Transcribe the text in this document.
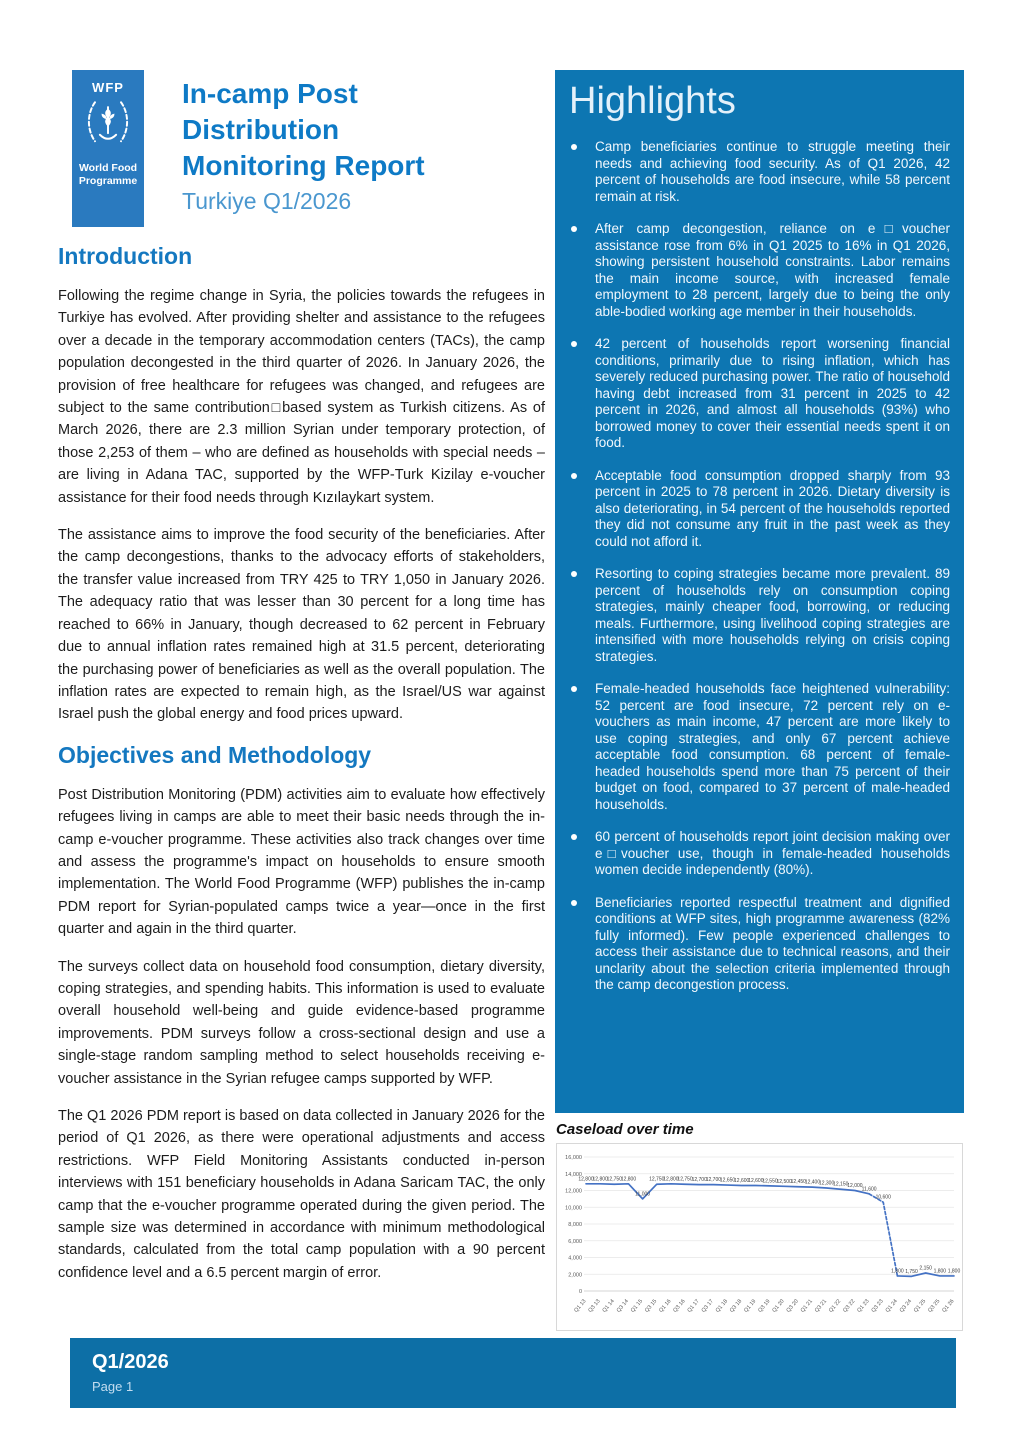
WFP
World Food Programme
In-camp Post
Distribution
Monitoring Report
Turkiye Q1/2026
Introduction

Following the regime change in Syria, the policies towards the refugees in Turkiye has evolved. After providing shelter and assistance to the refugees over a decade in the temporary accommodation centers (TACs), the camp population decongested in the third quarter of 2026. In January 2026, the provision of free healthcare for refugees was changed, and refugees are subject to the same contribution□based system as Turkish citizens. As of March 2026, there are 2.3 million Syrian under temporary protection, of those 2,253 of them – who are defined as households with special needs – are living in Adana TAC, supported by the WFP-Turk Kizilay e-voucher assistance for their food needs through Kızılaykart system.

The assistance aims to improve the food security of the beneficiaries. After the camp decongestions, thanks to the advocacy efforts of stakeholders, the transfer value increased from TRY 425 to TRY 1,050 in January 2026. The adequacy ratio that was lesser than 30 percent for a long time has reached to 66% in January, though decreased to 62 percent in February due to annual inflation rates remained high at 31.5 percent, deteriorating the purchasing power of beneficiaries as well as the overall population. The inflation rates are expected to remain high, as the Israel/US war against Israel push the global energy and food prices upward.

Objectives and Methodology

Post Distribution Monitoring (PDM) activities aim to evaluate how effectively refugees living in camps are able to meet their basic needs through the in-camp e-voucher programme. These activities also track changes over time and assess the programme's impact on households to ensure smooth implementation. The World Food Programme (WFP) publishes the in-camp PDM report for Syrian-populated camps twice a year—once in the first quarter and again in the third quarter.

The surveys collect data on household food consumption, dietary diversity, coping strategies, and spending habits. This information is used to evaluate overall household well-being and guide evidence-based programme improvements. PDM surveys follow a cross-sectional design and use a single-stage random sampling method to select households receiving e-voucher assistance in the Syrian refugee camps supported by WFP.

The Q1 2026 PDM report is based on data collected in January 2026 for the period of Q1 2026, as there were operational adjustments and access restrictions. WFP Field Monitoring Assistants conducted in-person interviews with 151 beneficiary households in Adana Saricam TAC, the only camp that the e-voucher programme operated during the given period. The sample size was determined in accordance with minimum methodological standards, calculated from the total camp population with a 90 percent confidence level and a 6.5 percent margin of error.

Highlights
Camp beneficiaries continue to struggle meeting their needs and achieving food security. As of Q1 2026, 42 percent of households are food insecure, while 58 percent remain at risk.
After camp decongestion, reliance on e□voucher assistance rose from 6% in Q1 2025 to 16% in Q1 2026, showing persistent household constraints. Labor remains the main income source, with increased female employment to 28 percent, largely due to being the only able-bodied working age member in their households.
42 percent of households report worsening financial conditions, primarily due to rising inflation, which has severely reduced purchasing power. The ratio of household having debt increased from 31 percent in 2025 to 42 percent in 2026, and almost all households (93%) who borrowed money to cover their essential needs spent it on food.
Acceptable food consumption dropped sharply from 93 percent in 2025 to 78 percent in 2026. Dietary diversity is also deteriorating, in 54 percent of the households reported they did not consume any fruit in the past week as they could not afford it.
Resorting to coping strategies became more prevalent. 89 percent of households rely on consumption coping strategies, mainly cheaper food, borrowing, or reducing meals. Furthermore, using livelihood coping strategies are intensified with more households relying on crisis coping strategies.
Female-headed households face heightened vulnerability: 52 percent are food insecure, 72 percent rely on e-vouchers as main income, 47 percent are more likely to use coping strategies, and only 67 percent achieve acceptable food consumption. 68 percent of female-headed households spend more than 75 percent of their budget on food, compared to 37 percent of male-headed households.
60 percent of households report joint decision making over e□voucher use, though in female-headed households women decide independently (80%).
Beneficiaries reported respectful treatment and dignified conditions at WFP sites, high programme awareness (82% fully informed). Few people experienced challenges to access their assistance due to technical reasons, and their unclarity about the selection criteria implemented through the camp decongestion process.
Caseload over time
0
2,000
4,000
6,000
8,000
10,000
12,000
14,000
16,000
Q1 13 Q3 13 Q1 14 Q3 14 Q1 15 Q3 15 Q1 16 Q3 16 Q1 17 Q3 17 Q1 18 Q3 18 Q1 19 Q3 19 Q1 20 Q3 20 Q1 21 Q3 21 Q1 22 Q3 22 Q1 23 Q3 23 Q1 24 Q3 24 Q1 25 Q3 25 Q1 26
12,800
12,800
12,750
12,800
11,000
12,750
12,800
12,750
12,700
12,700
12,650
12,600
12,600
12,550
12,500
12,450
12,400
12,300
12,150
12,000
11,600
10,600
1,800 1,750
2,150 1,800 1,800
Q1/2026
Page 1
